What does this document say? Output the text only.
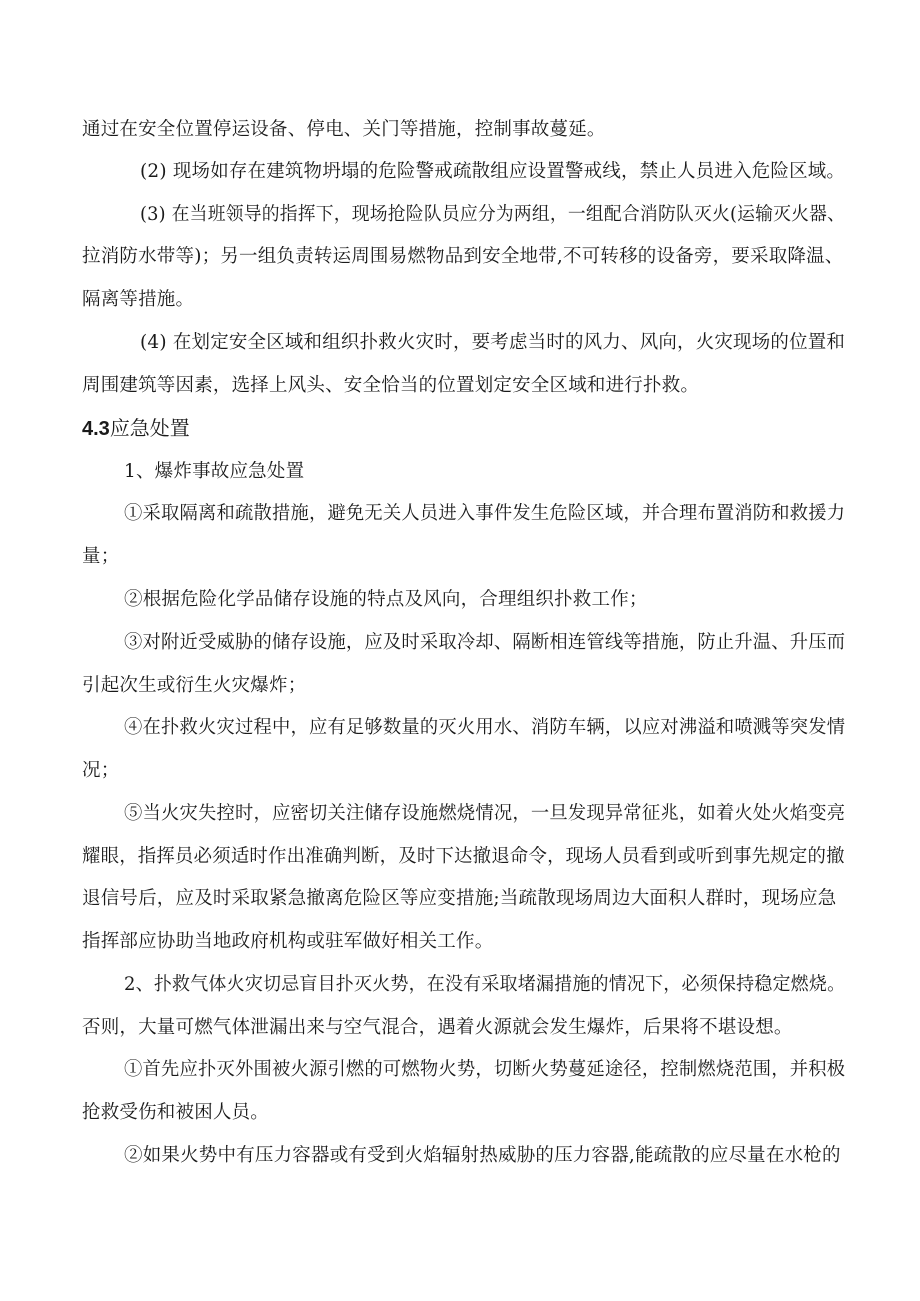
通过在安全位置停运设备、停电、关门等措施，控制事故蔓延。
(2) 现场如存在建筑物坍塌的危险警戒疏散组应设置警戒线，禁止人员进入危险区域。
(3) 在当班领导的指挥下，现场抢险队员应分为两组，一组配合消防队灭火(运输灭火器、
拉消防水带等)；另一组负责转运周围易燃物品到安全地带,不可转移的设备旁，要采取降温、
隔离等措施。
(4) 在划定安全区域和组织扑救火灾时，要考虑当时的风力、风向，火灾现场的位置和
周围建筑等因素，选择上风头、安全恰当的位置划定安全区域和进行扑救。
4.3应急处置
1、爆炸事故应急处置
①采取隔离和疏散措施，避免无关人员进入事件发生危险区域，并合理布置消防和救援力
量；
②根据危险化学品储存设施的特点及风向，合理组织扑救工作；
③对附近受威胁的储存设施，应及时采取冷却、隔断相连管线等措施，防止升温、升压而
引起次生或衍生火灾爆炸；
④在扑救火灾过程中，应有足够数量的灭火用水、消防车辆，以应对沸溢和喷溅等突发情
况；
⑤当火灾失控时，应密切关注储存设施燃烧情况，一旦发现异常征兆，如着火处火焰变亮
耀眼，指挥员必须适时作出准确判断，及时下达撤退命令，现场人员看到或听到事先规定的撤
退信号后，应及时采取紧急撤离危险区等应变措施;当疏散现场周边大面积人群时，现场应急
指挥部应协助当地政府机构或驻军做好相关工作。
2、扑救气体火灾切忌盲目扑灭火势，在没有采取堵漏措施的情况下，必须保持稳定燃烧。
否则，大量可燃气体泄漏出来与空气混合，遇着火源就会发生爆炸，后果将不堪设想。
①首先应扑灭外围被火源引燃的可燃物火势，切断火势蔓延途径，控制燃烧范围，并积极
抢救受伤和被困人员。
②如果火势中有压力容器或有受到火焰辐射热威胁的压力容器,能疏散的应尽量在水枪的
